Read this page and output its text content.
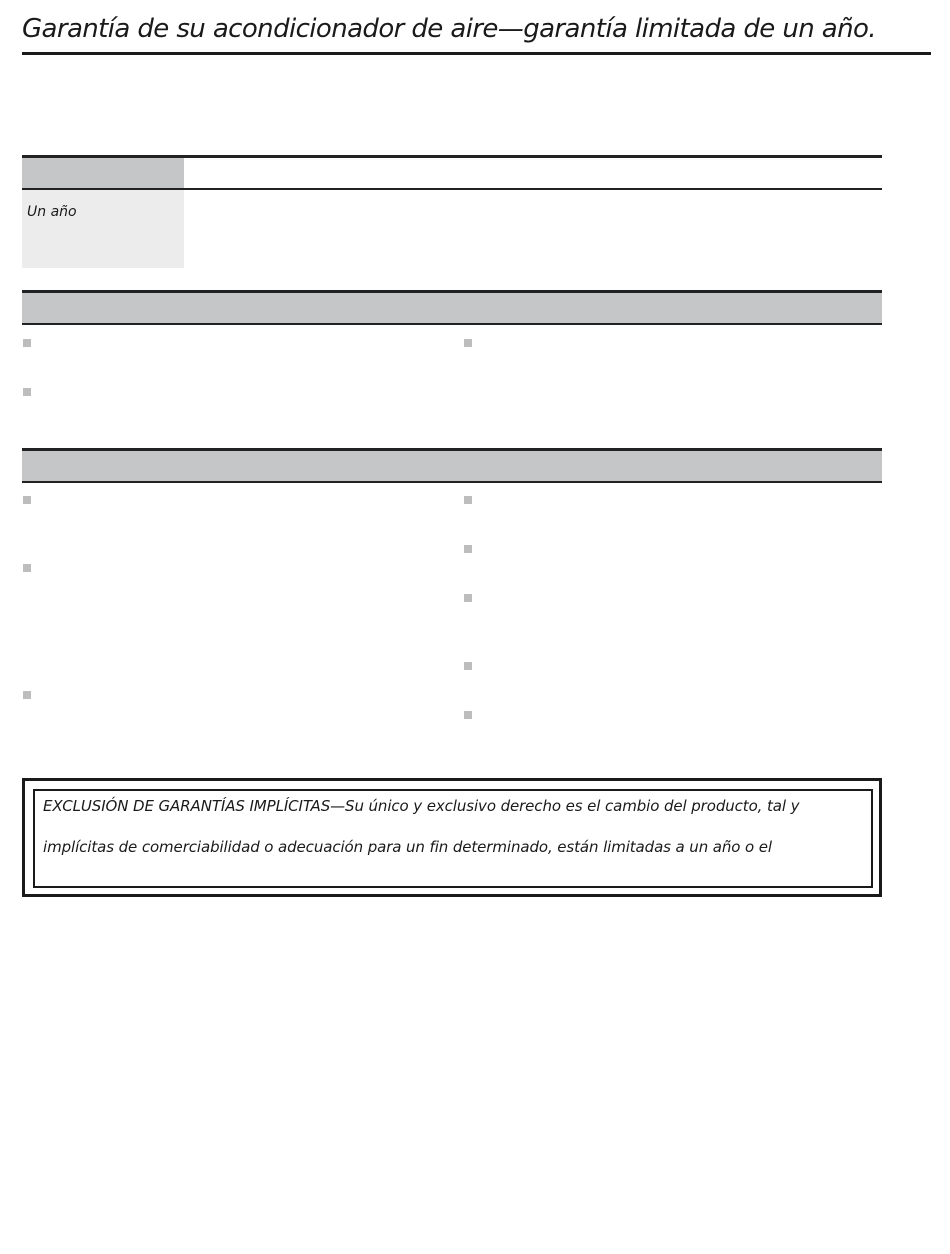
Garantía de su acondicionador de aire—garantía limitada de un año.
Un año
EXCLUSIÓN DE GARANTÍAS IMPLÍCITAS—Su único y exclusivo derecho es el cambio del producto, tal y
implícitas de comerciabilidad o adecuación para un fin determinado, están limitadas a un año o el
